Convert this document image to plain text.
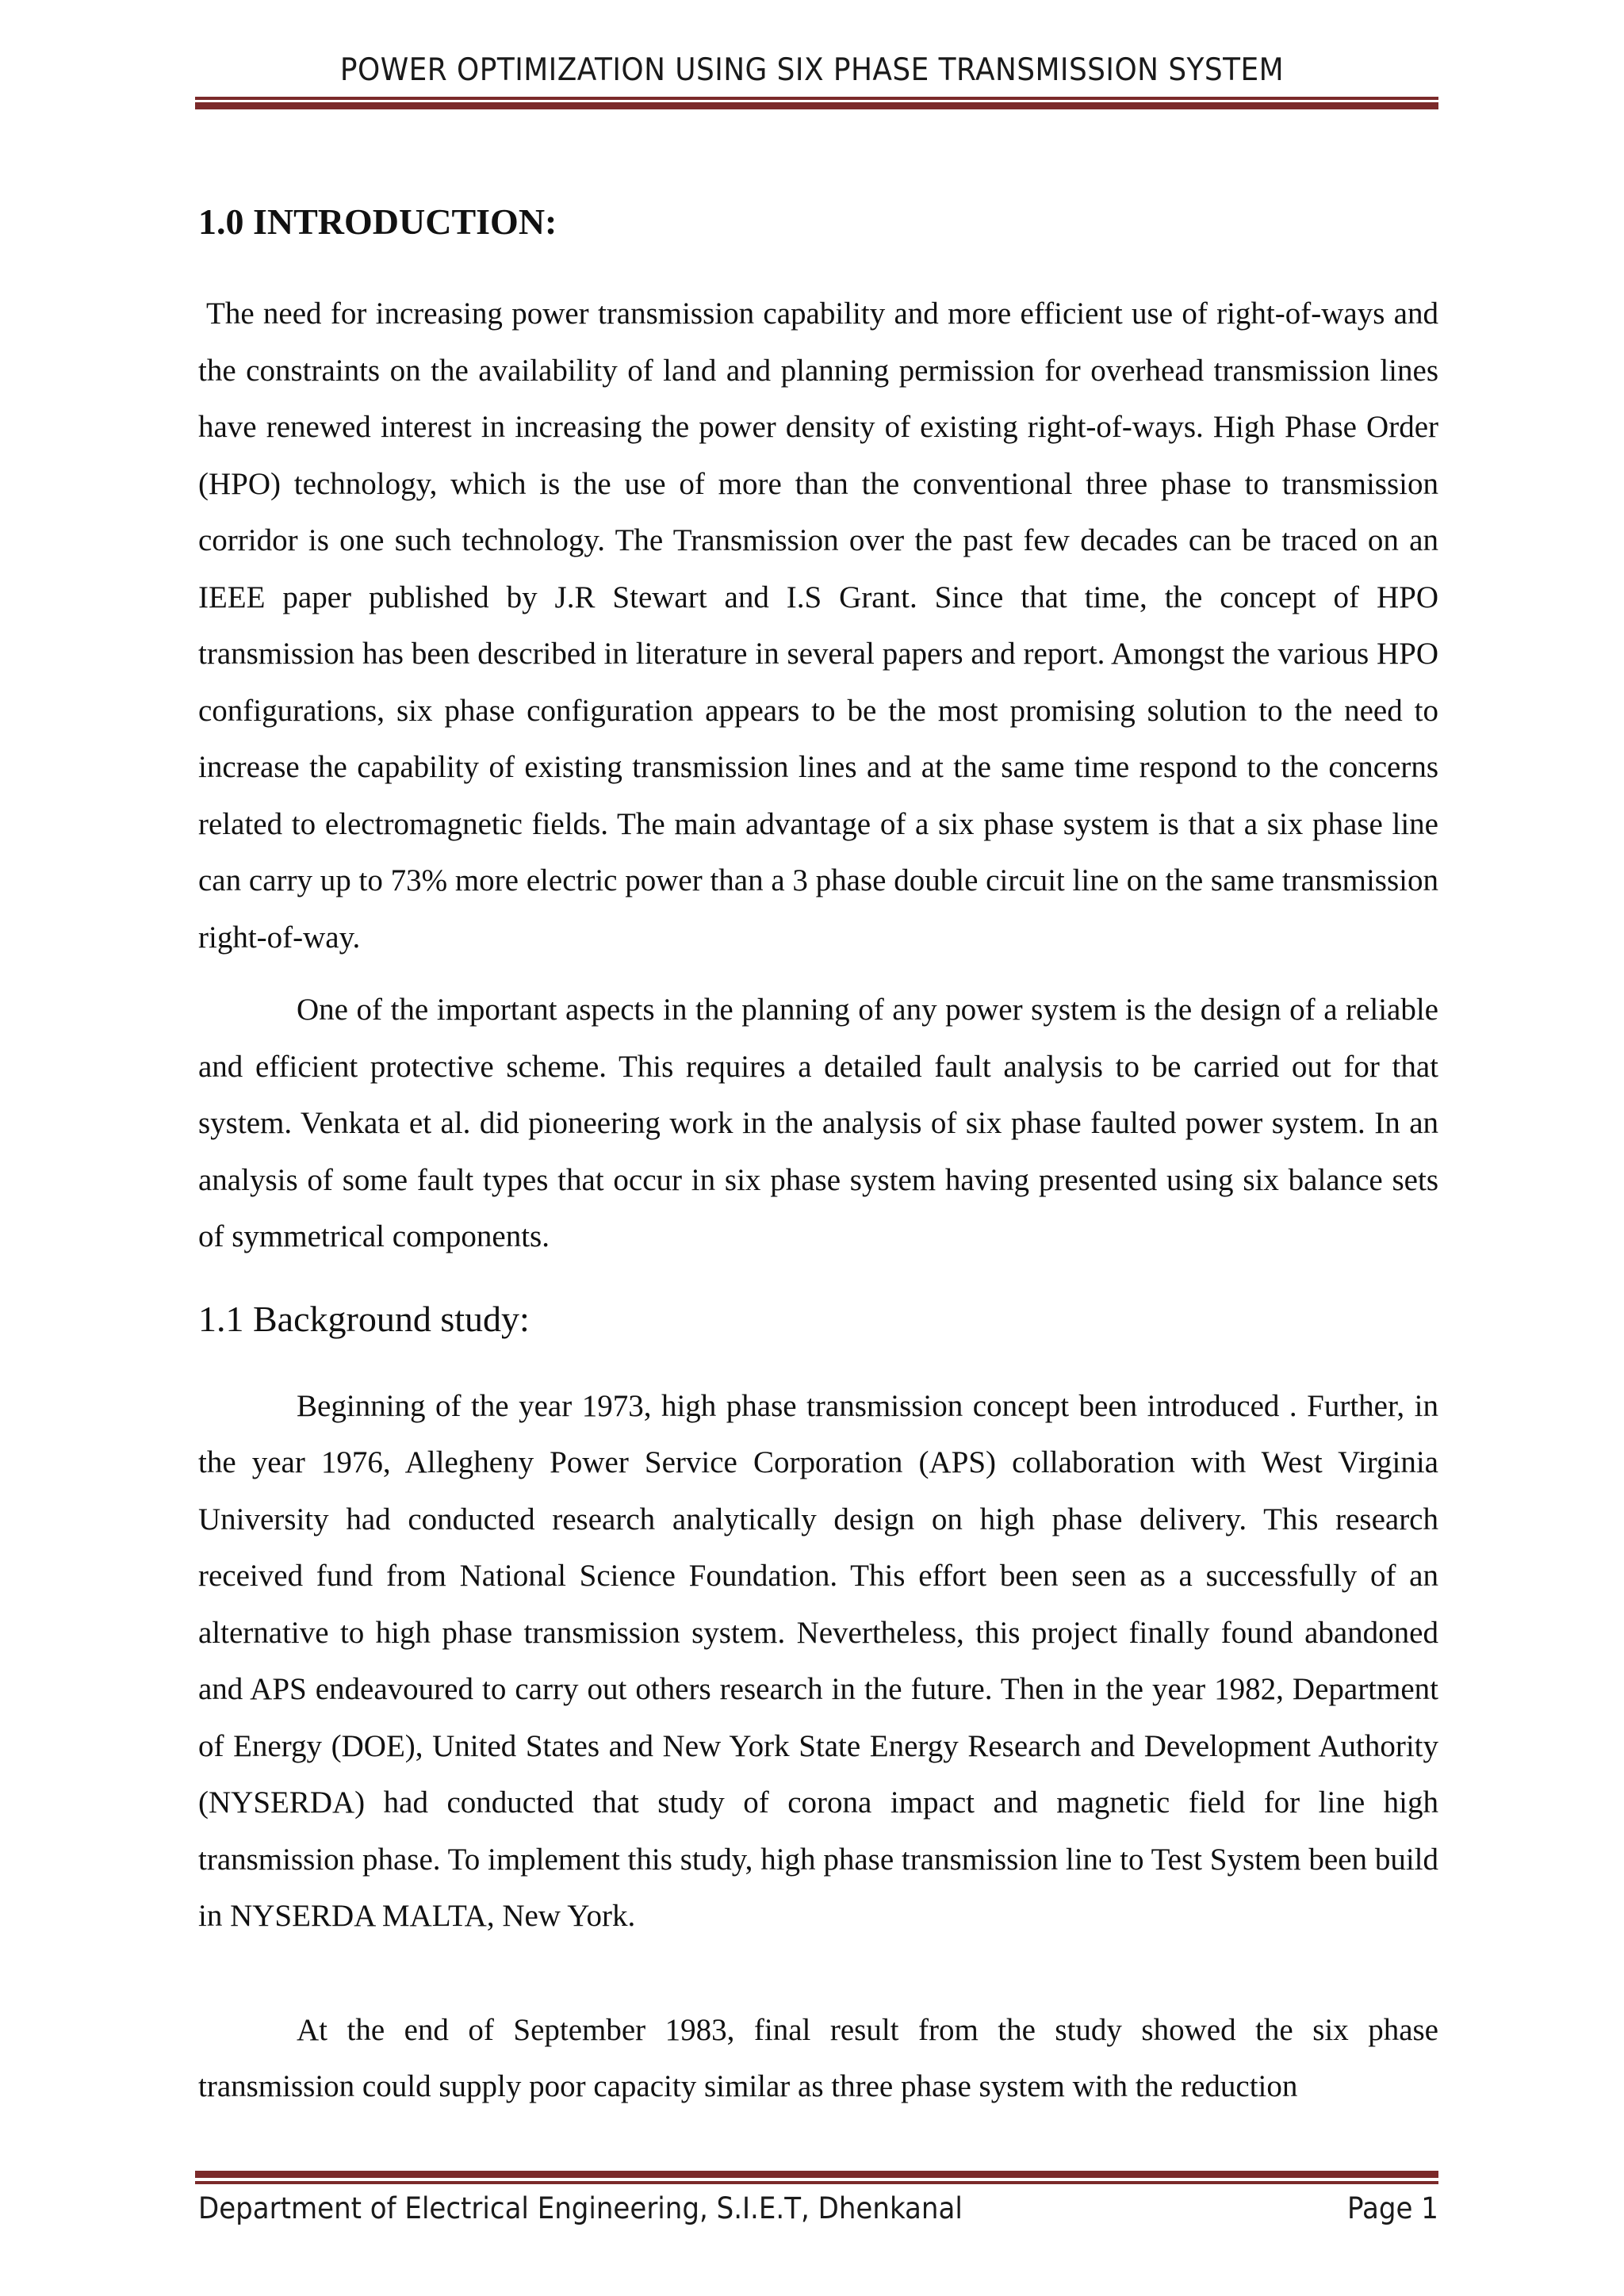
POWER OPTIMIZATION USING SIX PHASE TRANSMISSION SYSTEM
1.0 INTRODUCTION:

The need for increasing power transmission capability and more efficient use of right-of-ways and the constraints on the availability of land and planning permission for overhead transmission lines have renewed interest in increasing the power density of existing right-of-ways. High Phase Order (HPO) technology, which is the use of more than the conventional three phase to transmission corridor is one such technology. The Transmission over the past few decades can be traced on an IEEE paper published by J.R Stewart and I.S Grant. Since that time, the concept of HPO transmission has been described in literature in several papers and report. Amongst the various HPO configurations, six phase configuration appears to be the most promising solution to the need to increase the capability of existing transmission lines and at the same time respond to the concerns related to electromagnetic fields. The main advantage of a six phase system is that a six phase line can carry up to 73% more electric power than a 3 phase double circuit line on the same transmission right-of-way.

One of the important aspects in the planning of any power system is the design of a reliable and efficient protective scheme. This requires a detailed fault analysis to be carried out for that system. Venkata et al. did pioneering work in the analysis of six phase faulted power system. In an analysis of some fault types that occur in six phase system having presented using six balance sets of symmetrical components.

1.1 Background study:

Beginning of the year 1973, high phase transmission concept been introduced . Further, in the year 1976, Allegheny Power Service Corporation (APS) collaboration with West Virginia University had conducted research analytically design on high phase delivery. This research received fund from National Science Foundation. This effort been seen as a successfully of an alternative to high phase transmission system. Nevertheless, this project finally found abandoned and APS endeavoured to carry out others research in the future. Then in the year 1982, Department of Energy (DOE), United States and New York State Energy Research and Development Authority (NYSERDA) had conducted that study of corona impact and magnetic field for line high transmission phase. To implement this study, high phase transmission line to Test System been build in NYSERDA MALTA, New York.

At the end of September 1983, final result from the study showed the six phase transmission could supply poor capacity similar as three phase system with the reduction

Department of Electrical Engineering, S.I.E.T, Dhenkanal	Page 1
